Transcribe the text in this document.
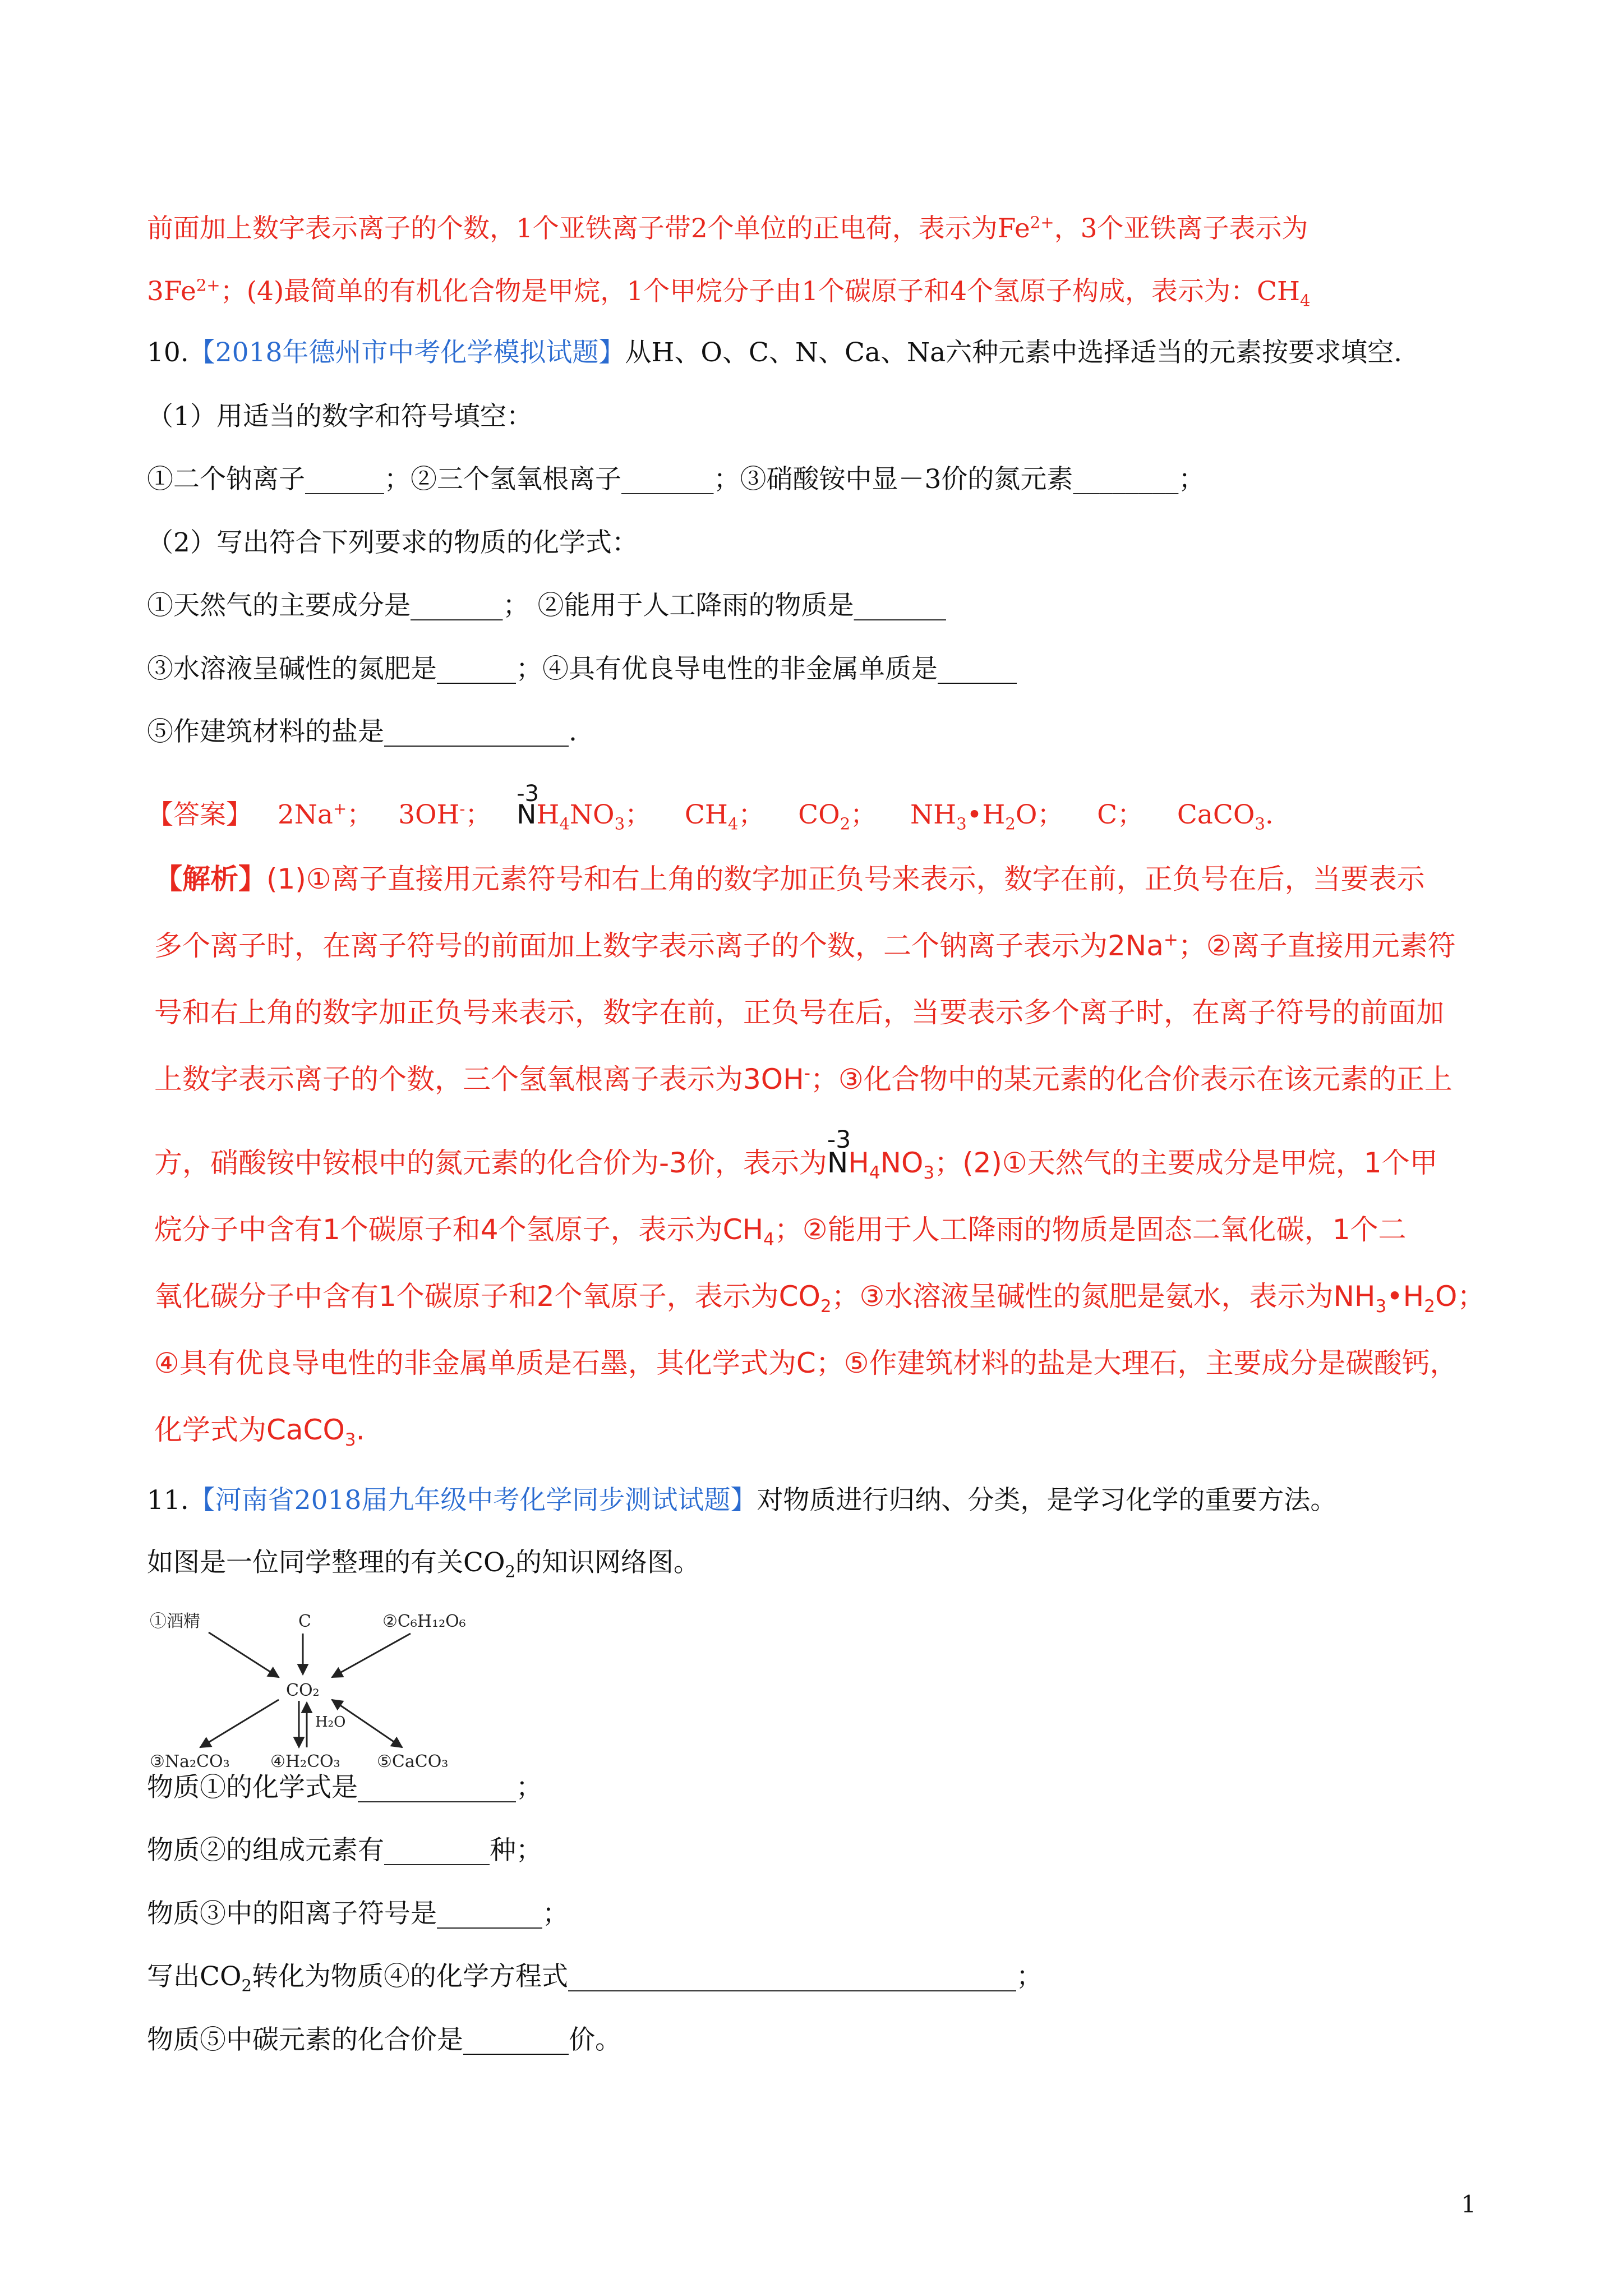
前面加上数字表示离子的个数，1个亚铁离子带2个单位的正电荷，表示为$Fe^{2+}$，3个亚铁离子表示为
$3Fe^{2+}$；(4)最简单的有机化合物是甲烷，1个甲烷分子由1个碳原子和4个氢原子构成，表示为：$CH_4$
10.【2018年德州市中考化学模拟试题】从H、O、C、N、Ca、Na六种元素中选择适当的元素按要求填空.
（1）用适当的数字和符号填空：
①二个钠离子______；②三个氢氧根离子_______；③硝酸铵中显－3价的氮元素________；
（2）写出符合下列要求的物质的化学式：
①天然气的主要成分是_______； ②能用于人工降雨的物质是_______
③水溶液呈碱性的氮肥是______；④具有优良导电性的非金属单质是______
⑤作建筑材料的盐是______________.
【答案】 2Na+； 3OH-；
-3
$NH_4NO_3$； $CH_4$； $CO_2$； $NH_3•H_2O$； C； CaCO$_3$.
【解析】(1)①离子直接用元素符号和右上角的数字加正负号来表示，数字在前，正负号在后，当要表示
多个离子时，在离子符号的前面加上数字表示离子的个数，二个钠离子表示为2Na+；②离子直接用元素符
号和右上角的数字加正负号来表示，数字在前，正负号在后，当要表示多个离子时，在离子符号的前面加
上数字表示离子的个数，三个氢氧根离子表示为3OH-；③化合物中的某元素的化合价表示在该元素的正上
方，硝酸铵中铵根中的氮元素的化合价为-3价，表示为
-3
$NH_4NO_3$；(2)①天然气的主要成分是甲烷，1个甲
烷分子中含有1个碳原子和4个氢原子，表示为$CH_4$；②能用于人工降雨的物质是固态二氧化碳，1个二
氧化碳分子中含有1个碳原子和2个氧原子，表示为$CO_2$；③水溶液呈碱性的氮肥是氨水，表示为$NH_3•H_2O$；
④具有优良导电性的非金属单质是石墨，其化学式为C；⑤作建筑材料的盐是大理石，主要成分是碳酸钙，
化学式为CaCO$_3$.
11.【河南省2018届九年级中考化学同步测试试题】对物质进行归纳、分类，是学习化学的重要方法。
如图是一位同学整理的有关$CO_2$的知识网络图。
①酒精	C	②C₆H₁₂O₆
CO₂
H₂O
③Na₂CO₃ ④H₂CO₃ ⑤CaCO₃
物质①的化学式是____________；
物质②的组成元素有________种；
物质③中的阳离子符号是________；
写出$CO_2$转化为物质④的化学方程式__________________________________；
物质⑤中碳元素的化合价是________价。
1
